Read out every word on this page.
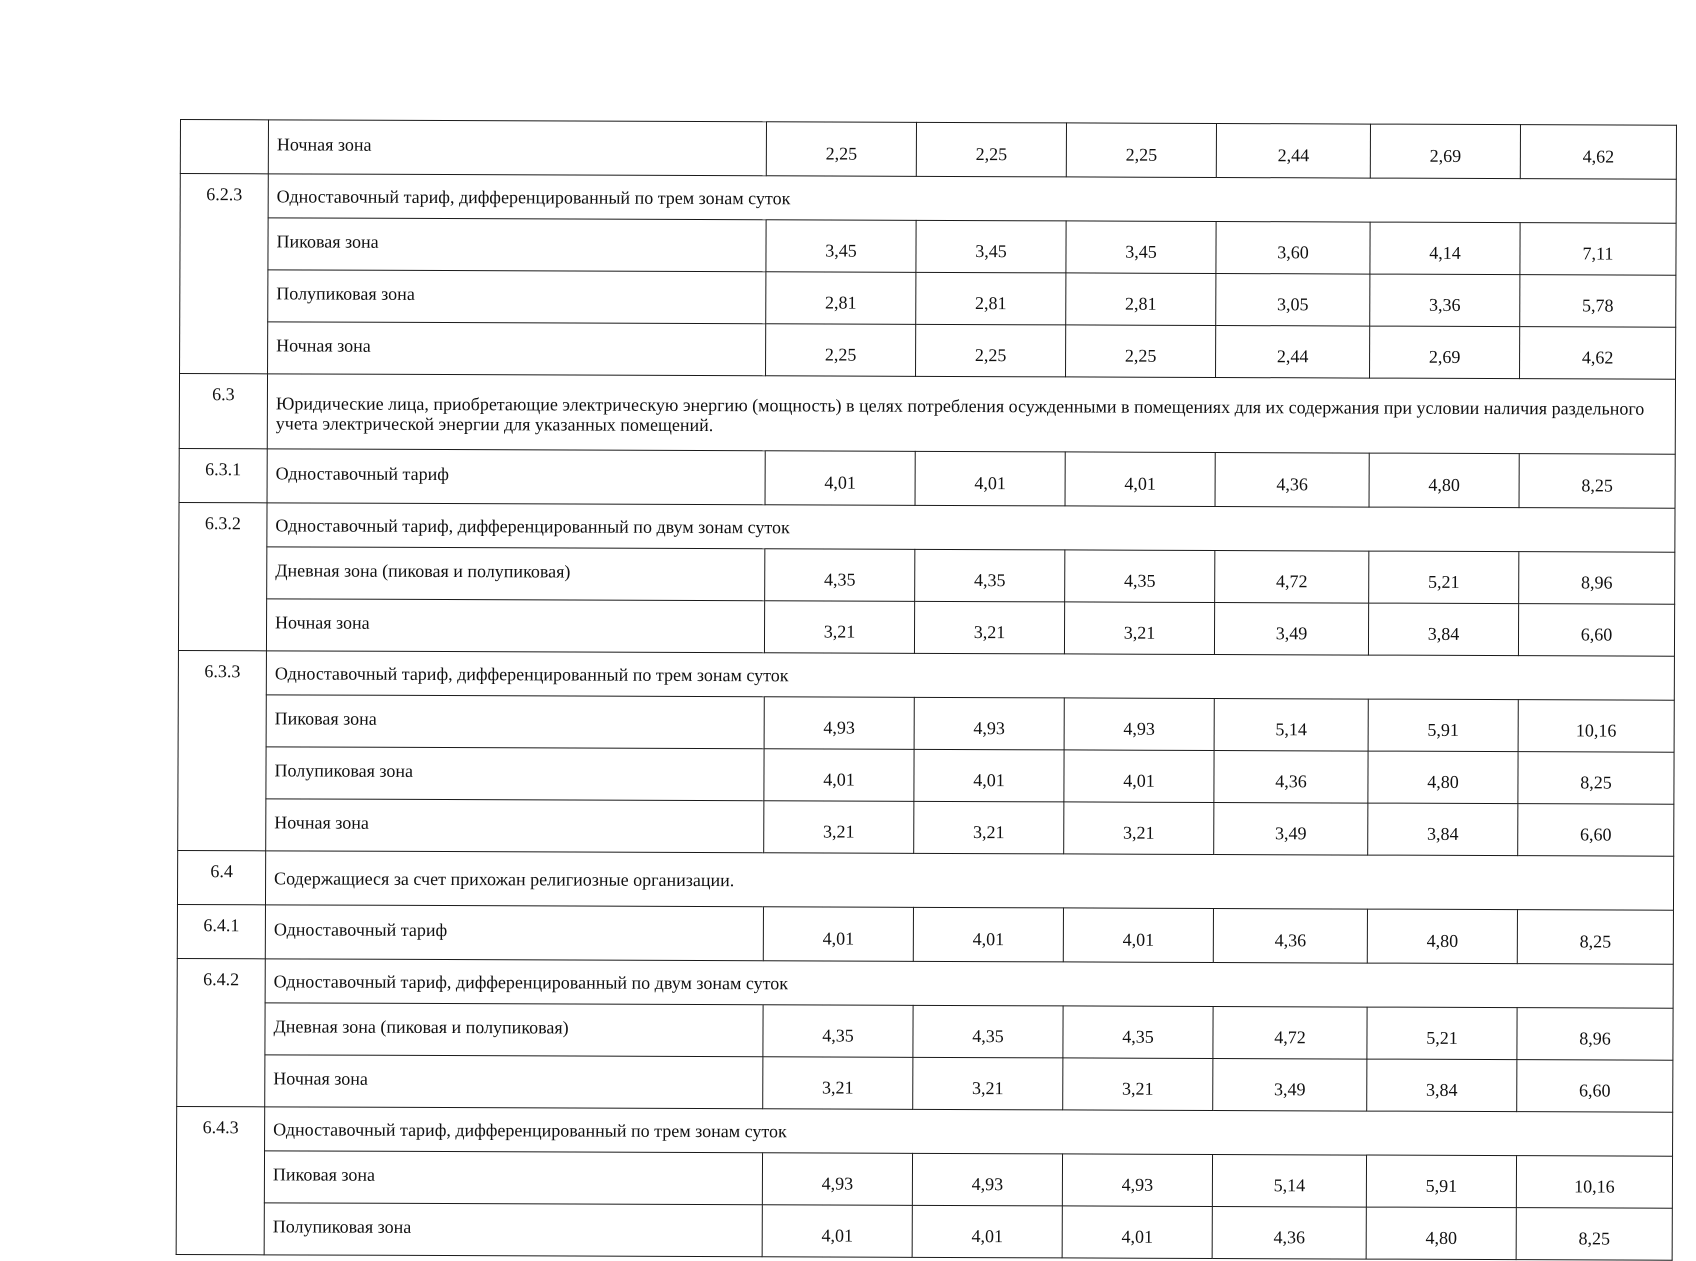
	Ночная зона	2,25	2,25	2,25	2,44	2,69	4,62
6.2.3	Одноставочный тариф, дифференцированный по трем зонам суток						
	Пиковая зона	3,45	3,45	3,45	3,60	4,14	7,11
	Полупиковая зона	2,81	2,81	2,81	3,05	3,36	5,78
	Ночная зона	2,25	2,25	2,25	2,44	2,69	4,62
6.3	Юридические лица, приобретающие электрическую энергию (мощность) в целях потребления осужденными в помещениях для их содержания при условии наличия раздельного учета электрической энергии для указанных помещений.						
6.3.1	Одноставочный тариф	4,01	4,01	4,01	4,36	4,80	8,25
6.3.2	Одноставочный тариф, дифференцированный по двум зонам суток						
	Дневная зона (пиковая и полупиковая)	4,35	4,35	4,35	4,72	5,21	8,96
	Ночная зона	3,21	3,21	3,21	3,49	3,84	6,60
6.3.3	Одноставочный тариф, дифференцированный по трем зонам суток						
	Пиковая зона	4,93	4,93	4,93	5,14	5,91	10,16
	Полупиковая зона	4,01	4,01	4,01	4,36	4,80	8,25
	Ночная зона	3,21	3,21	3,21	3,49	3,84	6,60
6.4	Содержащиеся за счет прихожан религиозные организации.						
6.4.1	Одноставочный тариф	4,01	4,01	4,01	4,36	4,80	8,25
6.4.2	Одноставочный тариф, дифференцированный по двум зонам суток						
	Дневная зона (пиковая и полупиковая)	4,35	4,35	4,35	4,72	5,21	8,96
	Ночная зона	3,21	3,21	3,21	3,49	3,84	6,60
6.4.3	Одноставочный тариф, дифференцированный по трем зонам суток						
	Пиковая зона	4,93	4,93	4,93	5,14	5,91	10,16
	Полупиковая зона	4,01	4,01	4,01	4,36	4,80	8,25
